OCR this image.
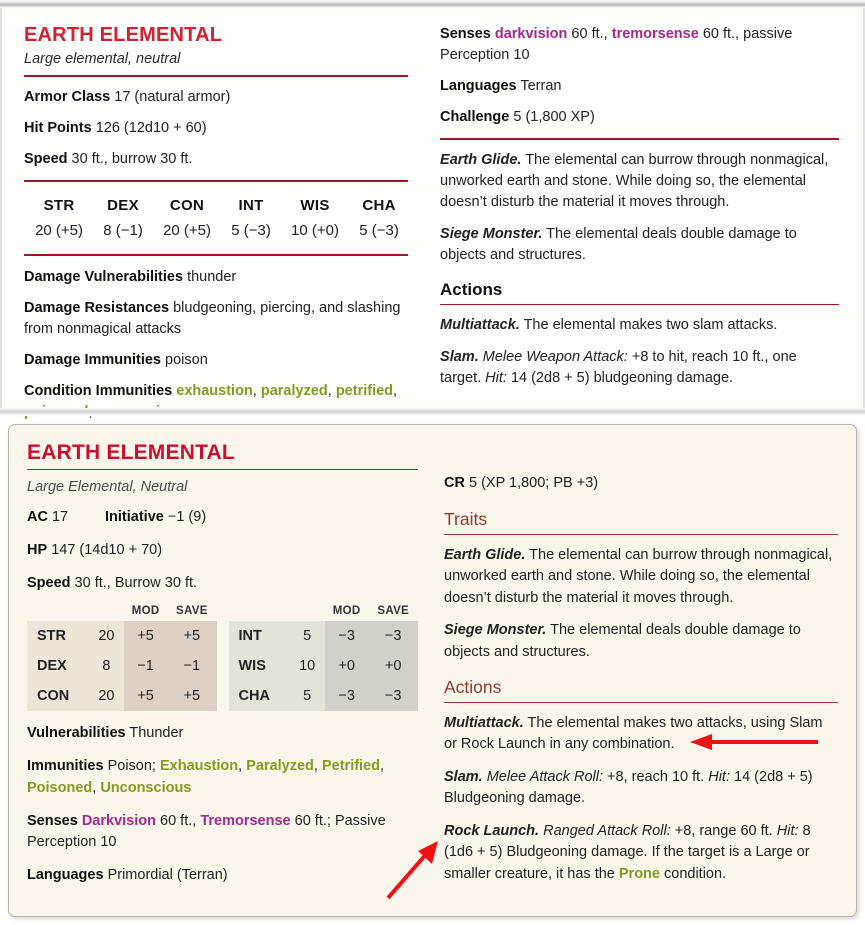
EARTH ELEMENTAL
Large elemental, neutral

Armor Class 17 (natural armor)

Hit Points 126 (12d10 + 60)

Speed 30 ft., burrow 30 ft.

STR	DEX	CON	INT	WIS	CHA
20 (+5)	8 (−1)	20 (+5)	5 (−3)	10 (+0)	5 (−3)

Damage Vulnerabilities thunder

Damage Resistances bludgeoning, piercing, and slashing from nonmagical attacks

Damage Immunities poison

Condition Immunities exhaustion, paralyzed, petrified,

Senses darkvision 60 ft., tremorsense 60 ft., passive Perception 10

Languages Terran

Challenge 5 (1,800 XP)

Earth Glide. The elemental can burrow through nonmagical, unworked earth and stone. While doing so, the elemental doesn’t disturb the material it moves through.

Siege Monster. The elemental deals double damage to objects and structures.

Actions

Multiattack. The elemental makes two slam attacks.

Slam. Melee Weapon Attack: +8 to hit, reach 10 ft., one target. Hit: 14 (2d8 + 5) bludgeoning damage.

EARTH ELEMENTAL
Large Elemental, Neutral
AC 17	Initiative −1 (9)
HP 147 (14d10 + 70)
Speed 30 ft., Burrow 30 ft.
		MOD	SAVE
STR	20	+5	+5
DEX	8	−1	−1
CON	20	+5	+5
		MOD	SAVE
INT	5	−3	−3
WIS	10	+0	+0
CHA	5	−3	−3
Vulnerabilities Thunder
Immunities Poison; Exhaustion, Paralyzed, Petrified, Poisoned, Unconscious
Senses Darkvision 60 ft., Tremorsense 60 ft.; Passive Perception 10
Languages Primordial (Terran)
CR 5 (XP 1,800; PB +3)
Traits

Earth Glide. The elemental can burrow through nonmagical, unworked earth and stone. While doing so, the elemental doesn’t disturb the material it moves through.

Siege Monster. The elemental deals double damage to objects and structures.

Actions

Multiattack. The elemental makes two attacks, using Slam or Rock Launch in any combination.

Slam. Melee Attack Roll: +8, reach 10 ft. Hit: 14 (2d8 + 5) Bludgeoning damage.

Rock Launch. Ranged Attack Roll: +8, range 60 ft. Hit: 8 (1d6 + 5) Bludgeoning damage. If the target is a Large or smaller creature, it has the Prone condition.
